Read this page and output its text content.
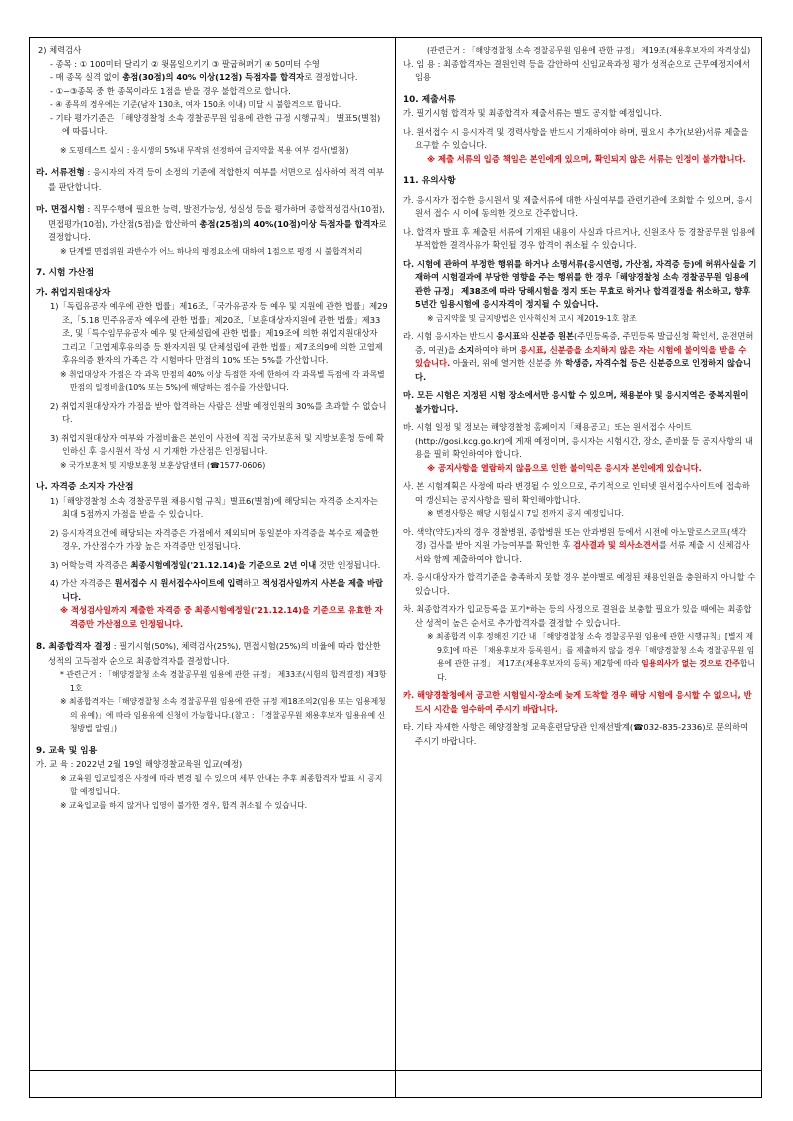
2) 체력검사

- 종목 : ① 100미터 달리기 ② 윗몸일으키기 ③ 팔굽혀펴기 ④ 50미터 수영

- 매 종목 실격 없이 총점(30점)의 40% 이상(12점) 득점자를 합격자로 결정합니다.

- ①~③종목 중 한 종목이라도 1점을 받을 경우 불합격으로 합니다.

- ④ 종목의 경우에는 기준(남자 130초, 여자 150초 이내) 미달 시 불합격으로 합니다.

- 기타 평가기준은 「해양경찰청 소속 경찰공무원 임용에 관한 규정 시행규칙」 별표5(별첨)에 따릅니다.

※ 도핑테스트 실시 : 응시생의 5%내 무작위 선정하여 금지약물 복용 여부 검사(별첨)

라. 서류전형 : 응시자의 자격 등이 소정의 기준에 적합한지 여부를 서면으로 심사하여 적격 여부를 판단합니다.

마. 면접시험 : 직무수행에 필요한 능력, 발전가능성, 성실성 등을 평가하며 종합적성검사(10점), 면접평가(10점), 가산점(5점)을 합산하여 총점(25점)의 40%(10점)이상 득점자를 합격자로 결정합니다.

※ 단계별 면접위원 과반수가 어느 하나의 평정요소에 대하여 1점으로 평정 시 불합격처리

7. 시험 가산점

가. 취업지원대상자

1)「독립유공자 예우에 관한 법률」제16조,「국가유공자 등 예우 및 지원에 관한 법률」제29조,「5.18 민주유공자 예우에 관한 법률」제20조,「보훈대상자지원에 관한 법률」제33조, 및「특수임무유공자 예우 및 단체설립에 관한 법률」제19조에 의한 취업지원대상자 그리고「고엽제후유의증 등 환자지원 및 단체설립에 관한 법률」제7조의9에 의한 고엽제후유의증 환자의 가족은 각 시험마다 만점의 10% 또는 5%를 가산합니다.

※ 취업대상자 가점은 각 과목 만점의 40% 이상 득점한 자에 한하여 각 과목별 득점에 각 과목별 만점의 일정비율(10% 또는 5%)에 해당하는 점수를 가산합니다.

2) 취업지원대상자가 가점을 받아 합격하는 사람은 선발 예정인원의 30%를 초과할 수 없습니다.

3) 취업지원대상자 여부와 가점비율은 본인이 사전에 직접 국가보훈처 및 지방보훈청 등에 확인하신 후 응시원서 작성 시 기재한 가산점은 인정됩니다.

※ 국가보훈처 및 지방보훈청 보훈상담센터 (☎1577-0606)

나. 자격증 소지자 가산점

1)「해양경찰청 소속 경찰공무원 채용시험 규칙」별표6(별첨)에 해당되는 자격증 소지자는 최대 5점까지 가점을 받을 수 있습니다.

2) 응시자격요건에 해당되는 자격증은 가점에서 제외되며 동일분야 자격증을 복수로 제출한 경우, 가산점수가 가장 높은 자격증만 인정됩니다.

3) 어학능력 자격증은 최종시험예정일('21.12.14)을 기준으로 2년 이내 것만 인정됩니다.

4) 가산 자격증은 원서접수 시 원서접수사이트에 입력하고 적성검사일까지 사본을 제출 바랍니다.

※ 적성검사일까지 제출한 자격증 중 최종시험예정일('21.12.14)을 기준으로 유효한 자격증만 가산점으로 인정됩니다.

8. 최종합격자 결정 : 필기시험(50%), 체력검사(25%), 면접시험(25%)의 비율에 따라 합산한 성적의 고득점자 순으로 최종합격자를 결정합니다.

* 관련근거 : 「해양경찰청 소속 경찰공무원 임용에 관한 규정」 제33조(시험의 합격결정) 제3항1호

※ 최종합격자는「해양경찰청 소속 경찰공무원 임용에 관한 규정 제18조의2(임용 또는 임용제청의 유예)」에 따라 임용유예 신청이 가능합니다.(참고 : 「경찰공무원 채용후보자 임용유예 신청방법 알림」)

9. 교육 및 임용

가. 교 육 : 2022년 2월 19일 해양경찰교육원 입교(예정)

※ 교육원 입교일정은 사정에 따라 변경 될 수 있으며 세부 안내는 추후 최종합격자 발표 시 공지할 예정입니다.

※ 교육입교를 하지 않거나 입영이 불가한 경우, 합격 취소될 수 있습니다.

(관련근거 : 「해양경찰청 소속 경찰공무원 임용에 관한 규정」 제19조(채용후보자의 자격상실)

나. 임 용 : 최종합격자는 결원인력 등을 감안하여 신임교육과정 평가 성적순으로 근무예정지에서 임용

10. 제출서류

가. 필기시험 합격자 및 최종합격자 제출서류는 별도 공지할 예정입니다.

나. 원서접수 시 응시자격 및 경력사항을 반드시 기재하여야 하며, 필요시 추가(보완)서류 제출을 요구할 수 있습니다.

※ 제출 서류의 입증 책임은 본인에게 있으며, 확인되지 않은 서류는 인정이 불가합니다.

11. 유의사항

가. 응시자가 접수한 응시원서 및 제출서류에 대한 사실여부를 관련기관에 조회할 수 있으며, 응시원서 접수 시 이에 동의한 것으로 간주합니다.

나. 합격자 발표 후 제출된 서류에 기재된 내용이 사실과 다르거나, 신원조사 등 경찰공무원 임용에 부적합한 결격사유가 확인될 경우 합격이 취소될 수 있습니다.

다. 시험에 관하여 부정한 행위를 하거나 소명서류(응시연령, 가산점, 자격증 등)에 허위사실을 기재하여 시험결과에 부당한 영향을 주는 행위를 한 경우「해양경찰청 소속 경찰공무원 임용에 관한 규정」 제38조에 따라 당해시험을 정지 또는 무효로 하거나 합격결정을 취소하고, 향후 5년간 임용시험에 응시자격이 정지될 수 있습니다.

※ 금지약물 및 금지방법은 인사혁신처 고시 제2019-1호 참조

라. 시험 응시자는 반드시 응시표와 신분증 원본(주민등록증, 주민등록 발급신청 확인서, 운전면허증, 여권)을 소지하여야 하며 응시표, 신분증을 소지하지 않은 자는 시험에 불이익을 받을 수 있습니다. 아울러, 위에 열거한 신분증 外 학생증, 자격수첩 등은 신분증으로 인정하지 않습니다.

마. 모든 시험은 지정된 시험 장소에서만 응시할 수 있으며, 채용분야 및 응시지역은 중복지원이 불가합니다.

바. 시험 일정 및 정보는 해양경찰청 홈페이지「채용공고」또는 원서접수 사이트(http://gosi.kcg.go.kr)에 게재 예정이며, 응시자는 시험시간, 장소, 준비물 등 공지사항의 내용을 필히 확인하여야 합니다.

※ 공지사항을 열람하지 않음으로 인한 불이익은 응시자 본인에게 있습니다.

사. 본 시험계획은 사정에 따라 변경될 수 있으므로, 주기적으로 인터넷 원서접수사이트에 접속하여 갱신되는 공지사항을 필히 확인해야합니다.

※ 변경사항은 해당 시험실시 7일 전까지 공지 예정입니다.

아. 색약(약도)자의 경우 경찰병원, 종합병원 또는 안과병원 등에서 시전에 아노말로스코프(색각경) 검사를 받아 지원 가능여부를 확인한 후 검사결과 및 의사소견서를 서류 제출 시 신체검사서와 함께 제출하여야 합니다.

자. 응시대상자가 합격기준을 충족하지 못할 경우 분야별로 예정된 채용인원을 충원하지 아니할 수 있습니다.

차. 최종합격자가 입교등록을 포기*하는 등의 사정으로 결원을 보충할 필요가 있을 때에는 최종합산 성적이 높은 순서로 추가합격자를 결정할 수 있습니다.

※ 최종합격 이후 정해진 기간 내 「해양경찰청 소속 경찰공무원 임용에 관한 시행규칙」[별지 제9호]에 따른 「채용후보자 등록원서」를 제출하지 않을 경우「해양경찰청 소속 경찰공무원 임용에 관한 규정」 제17조(채용후보자의 등록) 제2항에 따라 임용의사가 없는 것으로 간주합니다.

카. 해양경찰청에서 공고한 시험일시·장소에 늦게 도착할 경우 해당 시험에 응시할 수 없으니, 반드시 시간을 엄수하여 주시기 바랍니다.

타. 기타 자세한 사항은 해양경찰청 교육훈련담당관 인재선발계(☎032-835-2336)로 문의하여 주시기 바랍니다.
